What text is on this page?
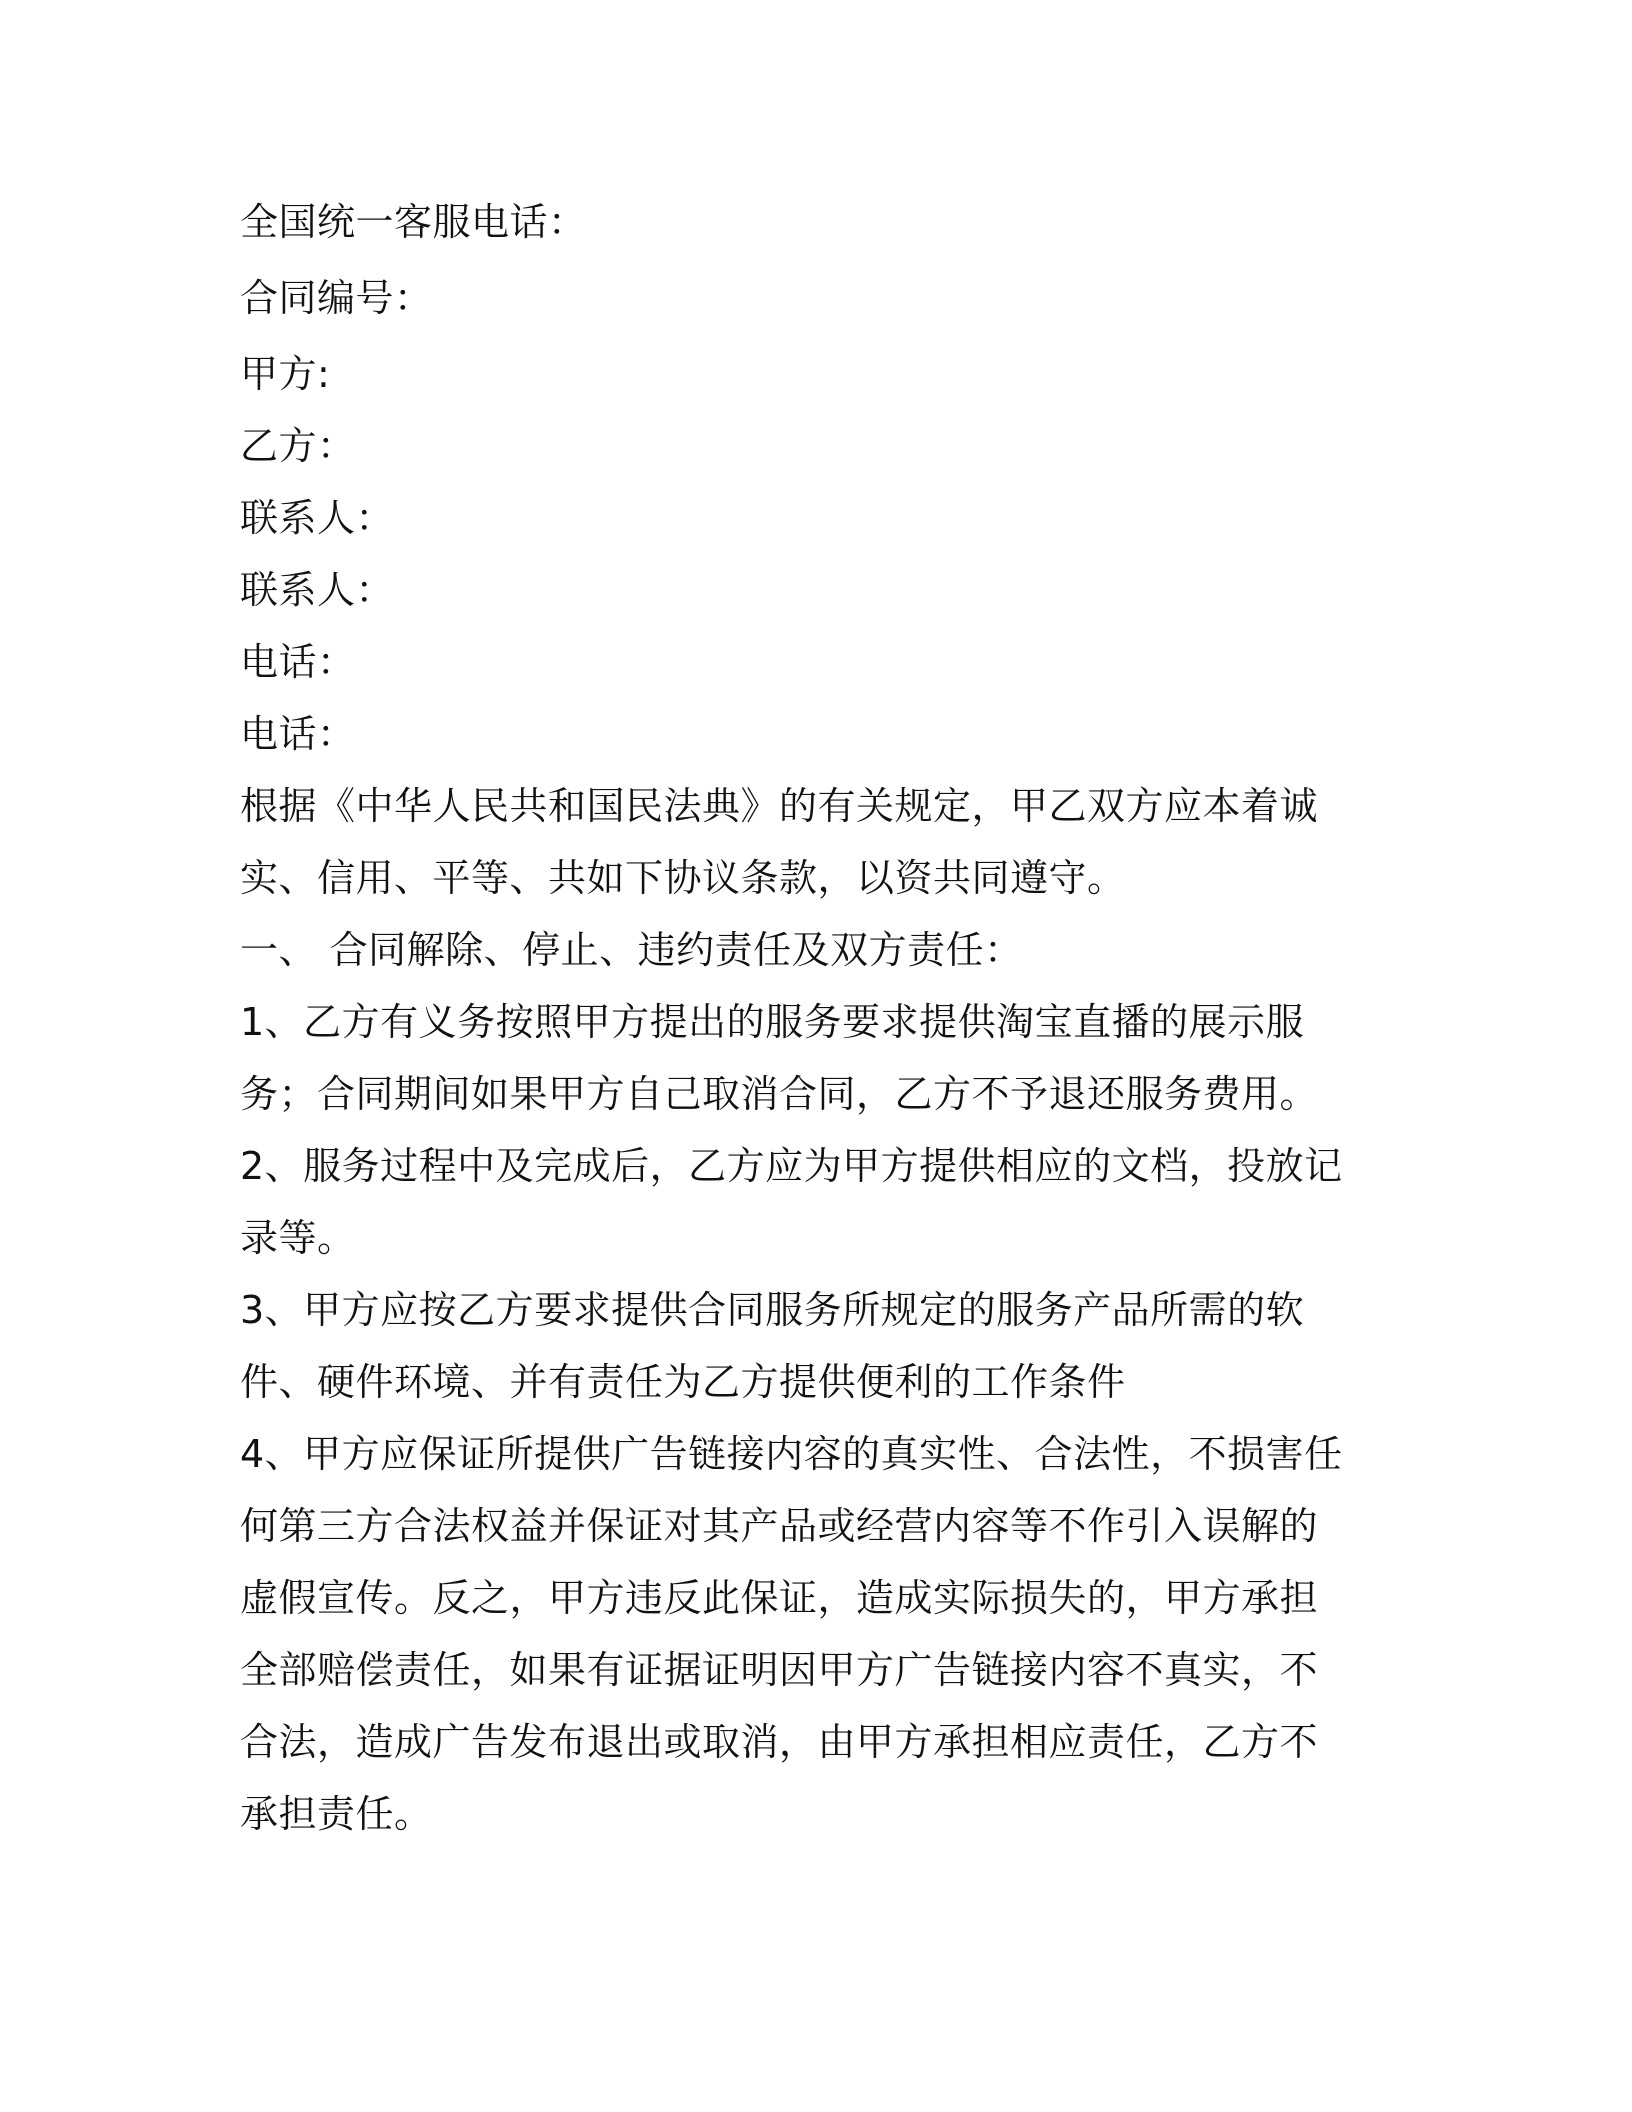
全国统一客服电话：
合同编号：
甲方:
乙方：
联系人：
联系人：
电话：
电话：
根据《中华人民共和国民法典》的有关规定，甲乙双方应本着诚
实、信用、平等、共如下协议条款，以资共同遵守。
一、 合同解除、停止、违约责任及双方责任：
1、乙方有义务按照甲方提出的服务要求提供淘宝直播的展示服
务；合同期间如果甲方自己取消合同，乙方不予退还服务费用。
2、服务过程中及完成后，乙方应为甲方提供相应的文档，投放记
录等。
3、甲方应按乙方要求提供合同服务所规定的服务产品所需的软
件、硬件环境、并有责任为乙方提供便利的工作条件
4、甲方应保证所提供广告链接内容的真实性、合法性，不损害任
何第三方合法权益并保证对其产品或经营内容等不作引入误解的
虚假宣传。反之，甲方违反此保证，造成实际损失的，甲方承担
全部赔偿责任，如果有证据证明因甲方广告链接内容不真实，不
合法，造成广告发布退出或取消，由甲方承担相应责任，乙方不
承担责任。
